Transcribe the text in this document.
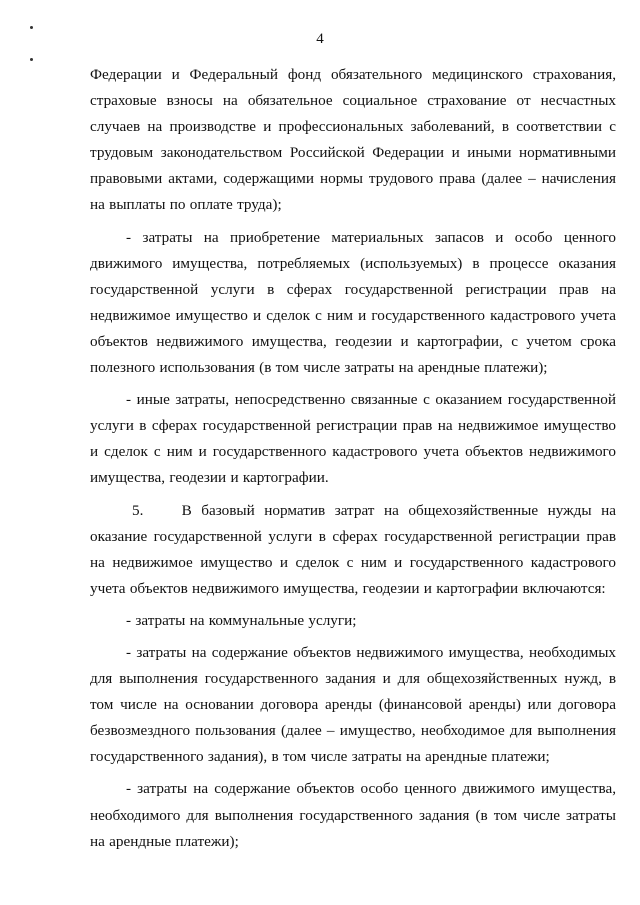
4

Федерации и Федеральный фонд обязательного медицинского страхования, страховые взносы на обязательное социальное страхование от несчастных случаев на производстве и профессиональных заболеваний, в соответствии с трудовым законодательством Российской Федерации и иными нормативными правовыми актами, содержащими нормы трудового права (далее – начисления на выплаты по оплате труда);

- затраты на приобретение материальных запасов и особо ценного движимого имущества, потребляемых (используемых) в процессе оказания государственной услуги в сферах государственной регистрации прав на недвижимое имущество и сделок с ним и государственного кадастрового учета объектов недвижимого имущества, геодезии и картографии, с учетом срока полезного использования (в том числе затраты на арендные платежи);

- иные затраты, непосредственно связанные с оказанием государственной услуги в сферах государственной регистрации прав на недвижимое имущество и сделок с ним и государственного кадастрового учета объектов недвижимого имущества, геодезии и картографии.

5.    В базовый норматив затрат на общехозяйственные нужды на оказание государственной услуги в сферах государственной регистрации прав на недвижимое имущество и сделок с ним и государственного кадастрового учета объектов недвижимого имущества, геодезии и картографии включаются:

- затраты на коммунальные услуги;

- затраты на содержание объектов недвижимого имущества, необходимых для выполнения государственного задания и для общехозяйственных нужд, в том числе на основании договора аренды (финансовой аренды) или договора безвозмездного пользования (далее – имущество, необходимое для выполнения государственного задания), в том числе затраты на арендные платежи;

- затраты на содержание объектов особо ценного движимого имущества, необходимого для выполнения государственного задания (в том числе затраты на арендные платежи);
